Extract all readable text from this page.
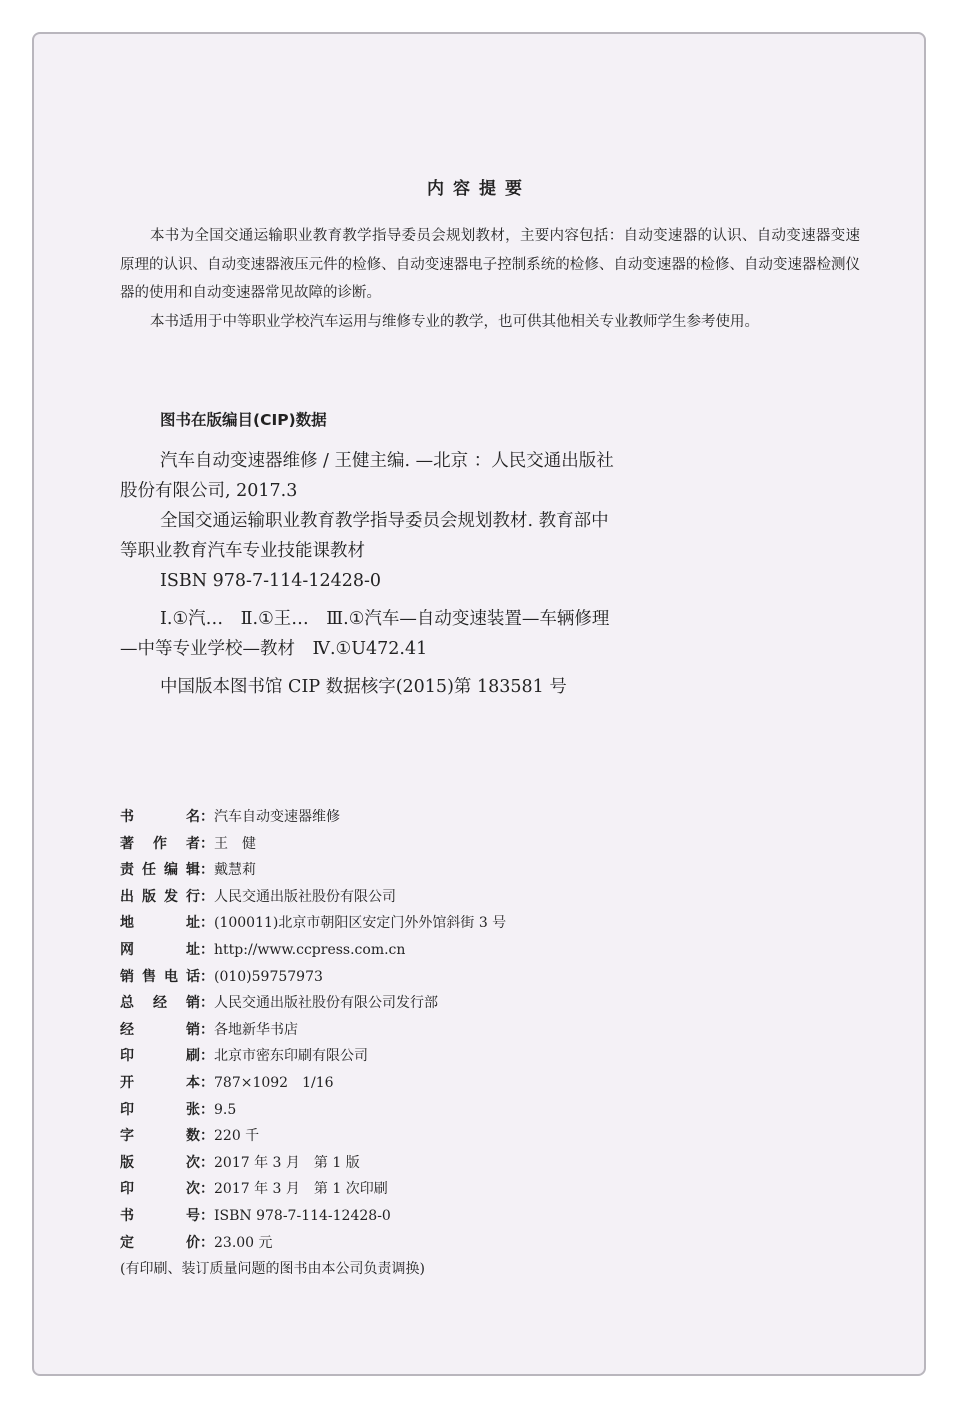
内容提要

本书为全国交通运输职业教育教学指导委员会规划教材，主要内容包括：自动变速器的认识、自动变速器变速原理的认识、自动变速器液压元件的检修、自动变速器电子控制系统的检修、自动变速器的检修、自动变速器检测仪器的使用和自动变速器常见故障的诊断。

本书适用于中等职业学校汽车运用与维修专业的教学，也可供其他相关专业教师学生参考使用。

图书在版编目(CIP)数据

汽车自动变速器维修 / 王健主编. —北京 ：人民交通出版社股份有限公司, 2017.3

全国交通运输职业教育教学指导委员会规划教材. 教育部中等职业教育汽车专业技能课教材

ISBN 978-7-114-12428-0

Ⅰ.①汽…　Ⅱ.①王…　Ⅲ.①汽车—自动变速装置—车辆修理—中等专业学校—教材　Ⅳ.①U472.41

中国版本图书馆 CIP 数据核字(2015)第 183581 号

书	名 ： 汽车自动变速器维修
著 作 者 ： 王　健
责 任 编 辑 ： 戴慧莉
出 版 发 行 ： 人民交通出版社股份有限公司
地	址 ： (100011)北京市朝阳区安定门外外馆斜街 3 号
网	址 ： http://www.ccpress.com.cn
销 售 电 话 ： (010)59757973
总 经 销 ： 人民交通出版社股份有限公司发行部
经	销 ： 各地新华书店
印	刷 ： 北京市密东印刷有限公司
开	本 ： 787×1092　1/16
印	张 ： 9.5
字	数 ： 220 千
版	次 ： 2017 年 3 月　第 1 版
印	次 ： 2017 年 3 月　第 1 次印刷
书	号 ： ISBN 978-7-114-12428-0
定	价 ： 23.00 元
(有印刷、装订质量问题的图书由本公司负责调换)
